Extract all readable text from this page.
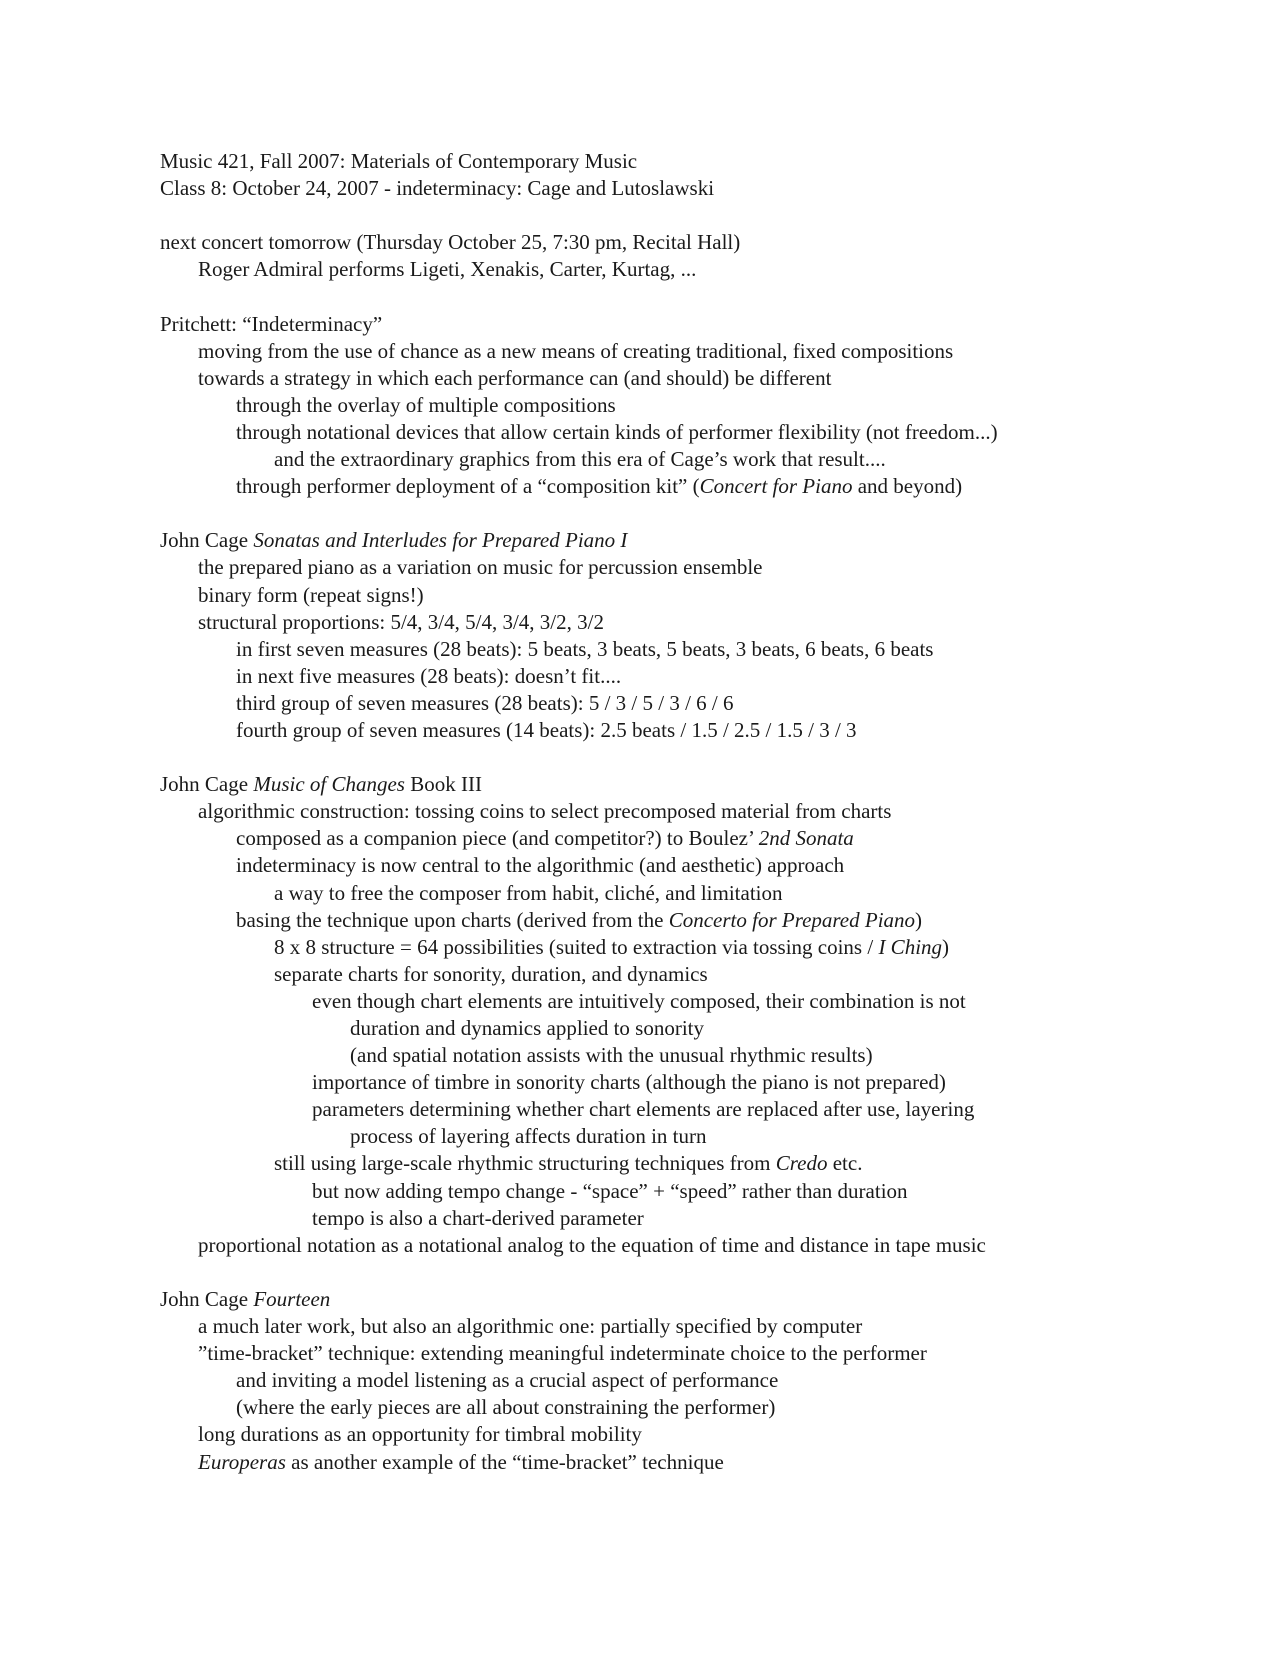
Music 421, Fall 2007: Materials of Contemporary Music
Class 8: October 24, 2007 - indeterminacy: Cage and Lutoslawski
next concert tomorrow (Thursday October 25, 7:30 pm, Recital Hall)
Roger Admiral performs Ligeti, Xenakis, Carter, Kurtag, ...
Pritchett: “Indeterminacy”
moving from the use of chance as a new means of creating traditional, fixed compositions
towards a strategy in which each performance can (and should) be different
through the overlay of multiple compositions
through notational devices that allow certain kinds of performer flexibility (not freedom...)
and the extraordinary graphics from this era of Cage’s work that result....
through performer deployment of a “composition kit” (Concert for Piano and beyond)
John Cage Sonatas and Interludes for Prepared Piano I
the prepared piano as a variation on music for percussion ensemble
binary form (repeat signs!)
structural proportions: 5/4, 3/4, 5/4, 3/4, 3/2, 3/2
in first seven measures (28 beats): 5 beats, 3 beats, 5 beats, 3 beats, 6 beats, 6 beats
in next five measures (28 beats): doesn’t fit....
third group of seven measures (28 beats): 5 / 3 / 5 / 3 / 6 / 6
fourth group of seven measures (14 beats): 2.5 beats / 1.5 / 2.5 / 1.5 / 3 / 3
John Cage Music of Changes Book III
algorithmic construction: tossing coins to select precomposed material from charts
composed as a companion piece (and competitor?) to Boulez’ 2nd Sonata
indeterminacy is now central to the algorithmic (and aesthetic) approach
a way to free the composer from habit, cliché, and limitation
basing the technique upon charts (derived from the Concerto for Prepared Piano)
8 x 8 structure = 64 possibilities (suited to extraction via tossing coins / I Ching)
separate charts for sonority, duration, and dynamics
even though chart elements are intuitively composed, their combination is not
duration and dynamics applied to sonority
(and spatial notation assists with the unusual rhythmic results)
importance of timbre in sonority charts (although the piano is not prepared)
parameters determining whether chart elements are replaced after use, layering
process of layering affects duration in turn
still using large-scale rhythmic structuring techniques from Credo etc.
but now adding tempo change - “space” + “speed” rather than duration
tempo is also a chart-derived parameter
proportional notation as a notational analog to the equation of time and distance in tape music
John Cage Fourteen
a much later work, but also an algorithmic one: partially specified by computer
”time-bracket” technique: extending meaningful indeterminate choice to the performer
and inviting a model listening as a crucial aspect of performance
(where the early pieces are all about constraining the performer)
long durations as an opportunity for timbral mobility
Europeras as another example of the “time-bracket” technique
